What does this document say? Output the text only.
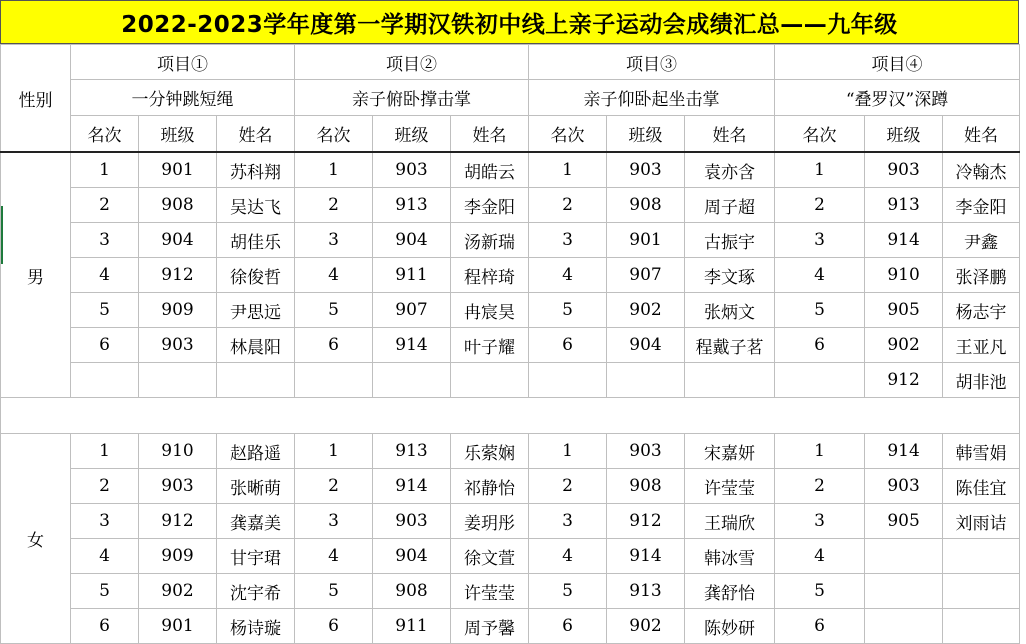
2022-2023学年度第一学期汉铁初中线上亲子运动会成绩汇总——九年级
性别	项目①			项目②			项目③			项目④		
	一分钟跳短绳			亲子俯卧撑击掌			亲子仰卧起坐击掌			“叠罗汉”深蹲		
	名次	班级	姓名	名次	班级	姓名	名次	班级	姓名	名次	班级	姓名
男	1	901	苏科翔	1	903	胡皓云	1	903	袁亦含	1	903	冷翰杰
	2	908	吴达飞	2	913	李金阳	2	908	周子超	2	913	李金阳
	3	904	胡佳乐	3	904	汤新瑞	3	901	古振宇	3	914	尹鑫
	4	912	徐俊哲	4	911	程梓琦	4	907	李文琢	4	910	张泽鹏
	5	909	尹思远	5	907	冉宸昊	5	902	张炳文	5	905	杨志宇
	6	903	林晨阳	6	914	叶子耀	6	904	程戴子茗	6	902	王亚凡
											912	胡非池

女	1	910	赵路遥	1	913	乐萦娴	1	903	宋嘉妍	1	914	韩雪娟
	2	903	张晰萌	2	914	祁静怡	2	908	许莹莹	2	903	陈佳宜
	3	912	龚嘉美	3	903	姜玥彤	3	912	王瑞欣	3	905	刘雨诘
	4	909	甘宇珺	4	904	徐文萱	4	914	韩冰雪	4		
	5	902	沈宇希	5	908	许莹莹	5	913	龚舒怡	5		
	6	901	杨诗璇	6	911	周予馨	6	902	陈妙研	6		
